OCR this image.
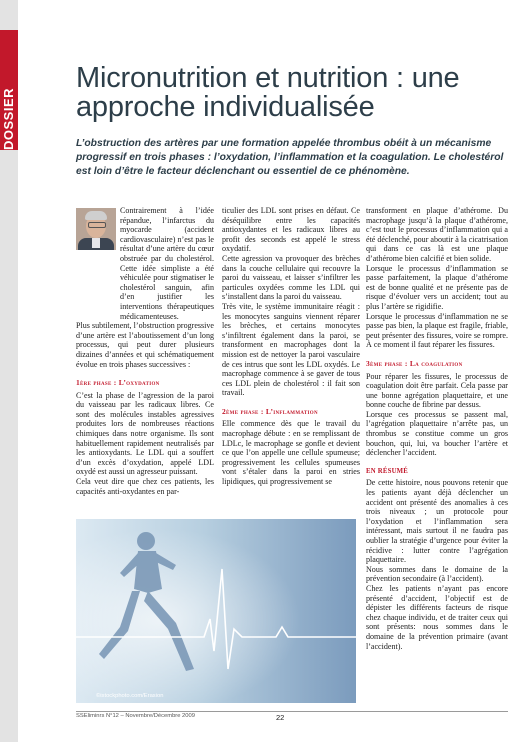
DOSSIER
Micronutrition et nutrition : une approche individualisée

L’obstruction des artères par une formation appelée thrombus obéit à un mécanisme progressif en trois phases : l’oxydation, l’inflammation et la coagulation. Le cholestérol est loin d’être le facteur déclenchant ou essentiel de ce phénomène.

Contrairement à l’idée répandue, l’infarctus du myocarde (accident cardiovasculaire) n’est pas le résultat d’une artère du cœur obstruée par du cholestérol. Cette idée simpliste a été véhiculée pour stigmatiser le cholestérol sanguin, afin d’en justifier les interventions thérapeutiques médicamenteuses.

Plus subtilement, l’obstruction progressive d’une artère est l’aboutissement d’un long processus, qui peut durer plusieurs dizaines d’années et qui schématiquement évolue en trois phases successives :

1ère phase : L’oxydation

C’est la phase de l’agression de la paroi du vaisseau par les radicaux libres. Ce sont des molécules instables agressives produites lors de nombreuses réactions chimiques dans notre organisme. Ils sont habituellement rapidement neutralisés par les antioxydants. Le LDL qui a souffert d’un excès d’oxydation, appelé LDL oxydé est aussi un agresseur puissant.

Cela veut dire que chez ces patients, les capacités anti-oxydantes en par-

ticulier des LDL sont prises en défaut. Ce déséquilibre entre les capacités antioxydantes et les radicaux libres au profit des seconds est appelé le stress oxydatif.

Cette agression va provoquer des brèches dans la couche cellulaire qui recouvre la paroi du vaisseau, et laisser s’infiltrer les particules oxydées comme les LDL qui s’installent dans la paroi du vaisseau.

Très vite, le système immunitaire réagit : les monocytes sanguins viennent réparer les brèches, et certains monocytes s’infiltrent également dans la paroi, se transforment en macrophages dont la mission est de nettoyer la paroi vasculaire de ces intrus que sont les LDL oxydés. Le macrophage commence à se gaver de tous ces LDL plein de cholestérol : il fait son travail.

2ème phase : L’inflammation

Elle commence dès que le travail du macrophage débute : en se remplissant de LDLc, le macrophage se gonfle et devient ce que l’on appelle une cellule spumeuse; progressivement les cellules spumeuses vont s’étaler dans la paroi en stries lipidiques, qui progressivement se

transforment en plaque d’athérome. Du macrophage jusqu’à la plaque d’athérome, c’est tout le processus d’inflammation qui a été déclenché, pour aboutir à la cicatrisation qui dans ce cas là est une plaque d’athérome bien calcifié et bien solide.

Lorsque le processus d’inflammation se passe parfaitement, la plaque d’athérome est de bonne qualité et ne présente pas de risque d’évoluer vers un accident; tout au plus l’artère se rigidifie.

Lorsque le processus d’inflammation ne se passe pas bien, la plaque est fragile, friable, peut présenter des fissures, voire se rompre. À ce moment il faut réparer les fissures.

3ème phase : La coagulation

Pour réparer les fissures, le processus de coagulation doit être parfait. Cela passe par une bonne agrégation plaquettaire, et une bonne couche de fibrine par dessus.

Lorsque ces processus se passent mal, l’agrégation plaquettaire n’arrête pas, un thrombus se constitue comme un gros bouchon, qui, lui, va boucher l’artère et déclencher l’accident.

EN RÉSUMÉ

De cette histoire, nous pouvons retenir que les patients ayant déjà déclencher un accident ont présenté des anomalies à ces trois niveaux ; un protocole pour l’oxydation et l’inflammation sera intéressant, mais surtout il ne faudra pas oublier la stratégie d’urgence pour éviter la récidive : lutter contre l’agrégation plaquettaire.

Nous sommes dans le domaine de la prévention secondaire (à l’accident).

Chez les patients n’ayant pas encore présenté d’accident, l’objectif est de dépister les différents facteurs de risque chez chaque individu, et de traiter ceux qui sont présents: nous sommes dans le domaine de la prévention primaire (avant l’accident).

©istockphoto.com/Erasion
SSEliminrs N°12 – Novembre/Décembre 2009	22
